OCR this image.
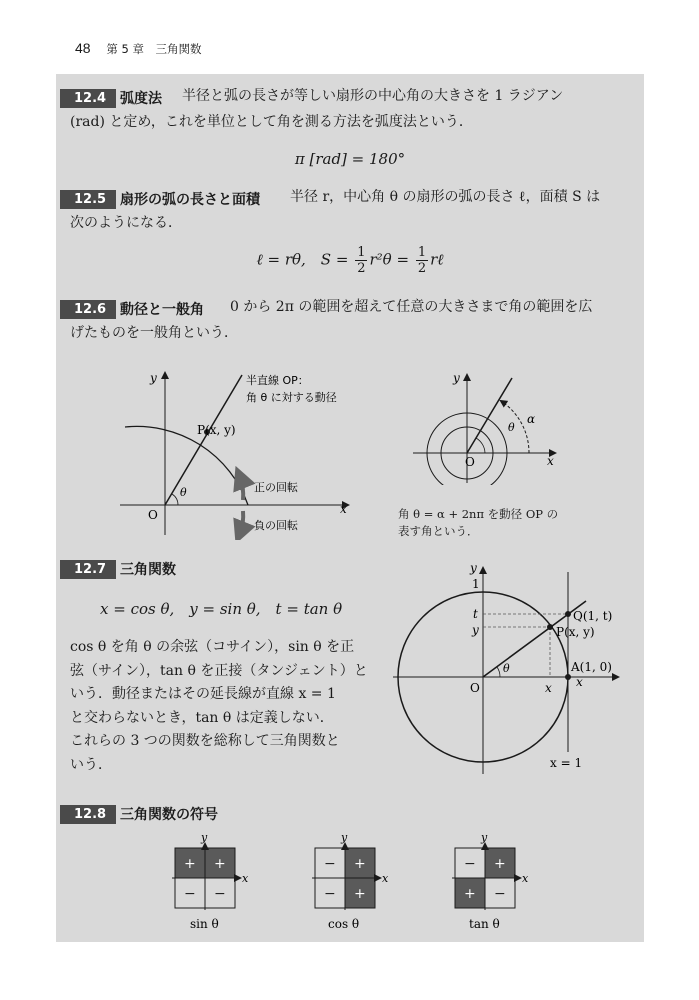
48 第 5 章　三角関数
12.4 弧度法 半径と弧の長さが等しい扇形の中心角の大きさを 1 ラジアン
(rad) と定め，これを単位として角を測る方法を弧度法という．
π [rad] = 180°
12.5 扇形の弧の長さと面積 半径 r，中心角 θ の扇形の弧の長さ ℓ，面積 S は
次のようになる．
ℓ = rθ,　$S = \frac{1}{2} r^2\theta = \frac{1}{2}$ rℓ
12.6 動径と一般角 0 から 2π の範囲を超えて任意の大きさまで角の範囲を広
げたものを一般角という．
y
x
O
半直線 OP：
角 θ に対する動径
P(x, y)
θ	正の回転
負の回転
y
x
O
α
θ
角 θ = α + 2nπ を動径 OP の
表す角という．
12.7 三角関数
x = cos θ,　y = sin θ,　t = tan θ
cos θ を角 θ の余弦（コサイン），sin θ を正
弦（サイン），tan θ を正接（タンジェント）と
いう．動径またはその延長線が直線 x = 1
と交わらないとき，tan θ は定義しない．
これらの 3 つの関数を総称して三角関数と
いう．
y
1
t
y
O	x x
θ
Q(1, t)
P(x, y)
A(1, 0)
x = 1
12.8 三角関数の符号
+ +
− −
y
x
sin θ
− +
− +
y
x
cos θ
− +
+ −
y
x
tan θ
